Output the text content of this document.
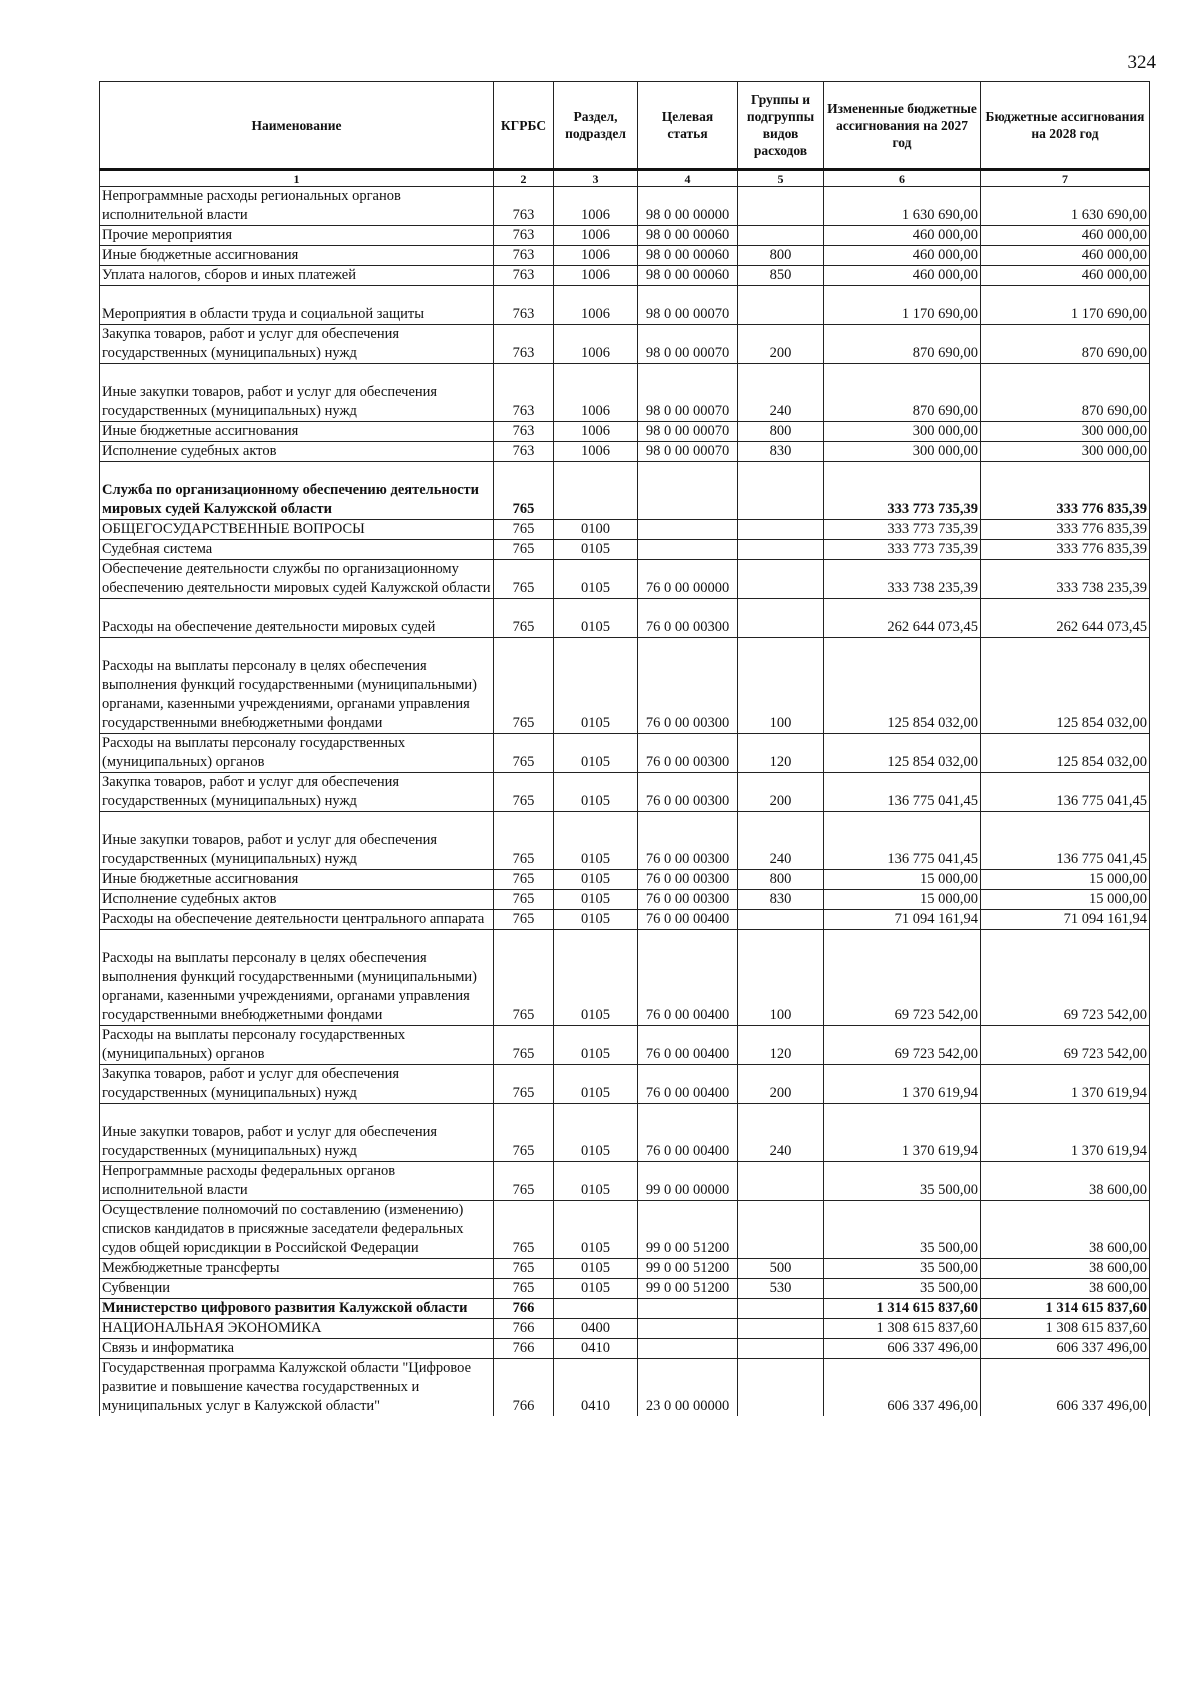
324
Наименование	КГРБС	Раздел, подраздел	Целевая статья	Группы и подгруппы видов расходов	Измененные бюджетные ассигнования на 2027 год	Бюджетные ассигнования на 2028 год
1	2	3	4	5	6	7
Непрограммные расходы региональных органов исполнительной власти	763	1006	98 0 00 00000		1 630 690,00	1 630 690,00
Прочие мероприятия	763	1006	98 0 00 00060		460 000,00	460 000,00
Иные бюджетные ассигнования	763	1006	98 0 00 00060	800	460 000,00	460 000,00
Уплата налогов, сборов и иных платежей	763	1006	98 0 00 00060	850	460 000,00	460 000,00
Мероприятия в области труда и социальной защиты	763	1006	98 0 00 00070		1 170 690,00	1 170 690,00
Закупка товаров, работ и услуг для обеспечения государственных (муниципальных) нужд	763	1006	98 0 00 00070	200	870 690,00	870 690,00
Иные закупки товаров, работ и услуг для обеспечения государственных (муниципальных) нужд	763	1006	98 0 00 00070	240	870 690,00	870 690,00
Иные бюджетные ассигнования	763	1006	98 0 00 00070	800	300 000,00	300 000,00
Исполнение судебных актов	763	1006	98 0 00 00070	830	300 000,00	300 000,00
Служба по организационному обеспечению деятельности мировых судей Калужской области	765				333 773 735,39	333 776 835,39
ОБЩЕГОСУДАРСТВЕННЫЕ ВОПРОСЫ	765	0100			333 773 735,39	333 776 835,39
Судебная система	765	0105			333 773 735,39	333 776 835,39
Обеспечение деятельности службы по организационному обеспечению деятельности мировых судей Калужской области	765	0105	76 0 00 00000		333 738 235,39	333 738 235,39
Расходы на обеспечение деятельности мировых судей	765	0105	76 0 00 00300		262 644 073,45	262 644 073,45
Расходы на выплаты персоналу в целях обеспечения выполнения функций государственными (муниципальными) органами, казенными учреждениями, органами управления государственными внебюджетными фондами	765	0105	76 0 00 00300	100	125 854 032,00	125 854 032,00
Расходы на выплаты персоналу государственных (муниципальных) органов	765	0105	76 0 00 00300	120	125 854 032,00	125 854 032,00
Закупка товаров, работ и услуг для обеспечения государственных (муниципальных) нужд	765	0105	76 0 00 00300	200	136 775 041,45	136 775 041,45
Иные закупки товаров, работ и услуг для обеспечения государственных (муниципальных) нужд	765	0105	76 0 00 00300	240	136 775 041,45	136 775 041,45
Иные бюджетные ассигнования	765	0105	76 0 00 00300	800	15 000,00	15 000,00
Исполнение судебных актов	765	0105	76 0 00 00300	830	15 000,00	15 000,00
Расходы на обеспечение деятельности центрального аппарата	765	0105	76 0 00 00400		71 094 161,94	71 094 161,94
Расходы на выплаты персоналу в целях обеспечения выполнения функций государственными (муниципальными) органами, казенными учреждениями, органами управления государственными внебюджетными фондами	765	0105	76 0 00 00400	100	69 723 542,00	69 723 542,00
Расходы на выплаты персоналу государственных (муниципальных) органов	765	0105	76 0 00 00400	120	69 723 542,00	69 723 542,00
Закупка товаров, работ и услуг для обеспечения государственных (муниципальных) нужд	765	0105	76 0 00 00400	200	1 370 619,94	1 370 619,94
Иные закупки товаров, работ и услуг для обеспечения государственных (муниципальных) нужд	765	0105	76 0 00 00400	240	1 370 619,94	1 370 619,94
Непрограммные расходы федеральных органов исполнительной власти	765	0105	99 0 00 00000		35 500,00	38 600,00
Осуществление полномочий по составлению (изменению) списков кандидатов в присяжные заседатели федеральных судов общей юрисдикции в Российской Федерации	765	0105	99 0 00 51200		35 500,00	38 600,00
Межбюджетные трансферты	765	0105	99 0 00 51200	500	35 500,00	38 600,00
Субвенции	765	0105	99 0 00 51200	530	35 500,00	38 600,00
Министерство цифрового развития Калужской области	766				1 314 615 837,60	1 314 615 837,60
НАЦИОНАЛЬНАЯ ЭКОНОМИКА	766	0400			1 308 615 837,60	1 308 615 837,60
Связь и информатика	766	0410			606 337 496,00	606 337 496,00
Государственная программа Калужской области "Цифровое развитие и повышение качества государственных и муниципальных услуг в Калужской области"	766	0410	23 0 00 00000		606 337 496,00	606 337 496,00
